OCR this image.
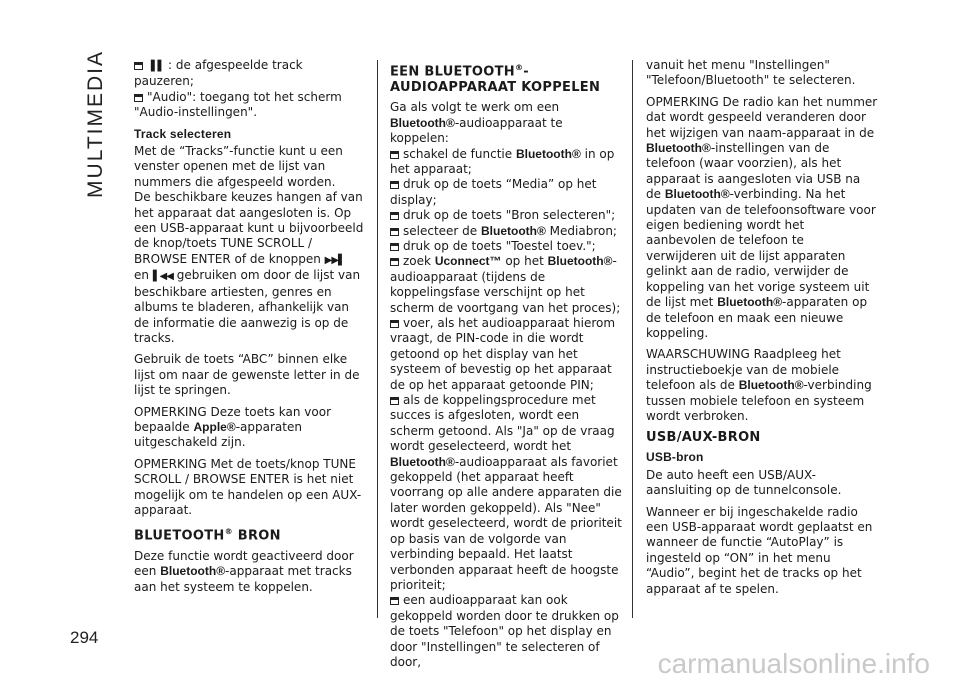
MULTIMEDIA
294

▌▌ : de afgespeelde track pauzeren;

"Audio": toegang tot het scherm "Audio-instellingen".

Track selecteren

Met de “Tracks”-functie kunt u een venster openen met de lijst van nummers die afgespeeld worden.

De beschikbare keuzes hangen af van het apparaat dat aangesloten is. Op een USB-apparaat kunt u bijvoorbeeld de knop/toets TUNE SCROLL / BROWSE ENTER of de knoppen ▶▶▌
en ▌◀◀ gebruiken om door de lijst van beschikbare artiesten, genres en albums te bladeren, afhankelijk van de informatie die aanwezig is op de tracks.

Gebruik de toets “ABC” binnen elke lijst om naar de gewenste letter in de lijst te springen.

OPMERKING Deze toets kan voor bepaalde Apple®-apparaten uitgeschakeld zijn.

OPMERKING Met de toets/knop TUNE SCROLL / BROWSE ENTER is het niet mogelijk om te handelen op een AUX-apparaat.

BLUETOOTH® BRON

Deze functie wordt geactiveerd door een Bluetooth®-apparaat met tracks aan het systeem te koppelen.

EEN BLUETOOTH®-AUDIOAPPARAAT KOPPELEN

Ga als volgt te werk om een Bluetooth®-audioapparaat te koppelen:

schakel de functie Bluetooth® in op het apparaat;

druk op de toets “Media” op het display;

druk op de toets "Bron selecteren";

selecteer de Bluetooth® Mediabron;

druk op de toets "Toestel toev.";

zoek Uconnect™ op het Bluetooth®-audioapparaat (tijdens de koppelingsfase verschijnt op het scherm de voortgang van het proces);

voer, als het audioapparaat hierom vraagt, de PIN-code in die wordt getoond op het display van het systeem of bevestig op het apparaat de op het apparaat getoonde PIN;

als de koppelingsprocedure met succes is afgesloten, wordt een scherm getoond. Als "Ja" op de vraag wordt geselecteerd, wordt het Bluetooth®-audioapparaat als favoriet gekoppeld (het apparaat heeft voorrang op alle andere apparaten die later worden gekoppeld). Als "Nee" wordt geselecteerd, wordt de prioriteit op basis van de volgorde van verbinding bepaald. Het laatst verbonden apparaat heeft de hoogste prioriteit;

een audioapparaat kan ook gekoppeld worden door te drukken op de toets "Telefoon" op het display en door "Instellingen" te selecteren of door,

vanuit het menu "Instellingen" "Telefoon/Bluetooth" te selecteren.

OPMERKING De radio kan het nummer dat wordt gespeeld veranderen door het wijzigen van naam-apparaat in de Bluetooth®-instellingen van de telefoon (waar voorzien), als het apparaat is aangesloten via USB na de Bluetooth®-verbinding. Na het updaten van de telefoonsoftware voor eigen bediening wordt het aanbevolen de telefoon te verwijderen uit de lijst apparaten gelinkt aan de radio, verwijder de koppeling van het vorige systeem uit de lijst met Bluetooth®-apparaten op de telefoon en maak een nieuwe koppeling.

WAARSCHUWING Raadpleeg het instructieboekje van de mobiele telefoon als de Bluetooth®-verbinding tussen mobiele telefoon en systeem wordt verbroken.

USB/AUX-BRON
USB-bron

De auto heeft een USB/AUX-aansluiting op de tunnelconsole.

Wanneer er bij ingeschakelde radio een USB-apparaat wordt geplaatst en wanneer de functie “AutoPlay” is ingesteld op “ON” in het menu “Audio”, begint het de tracks op het apparaat af te spelen.

carmanualsonline.info
